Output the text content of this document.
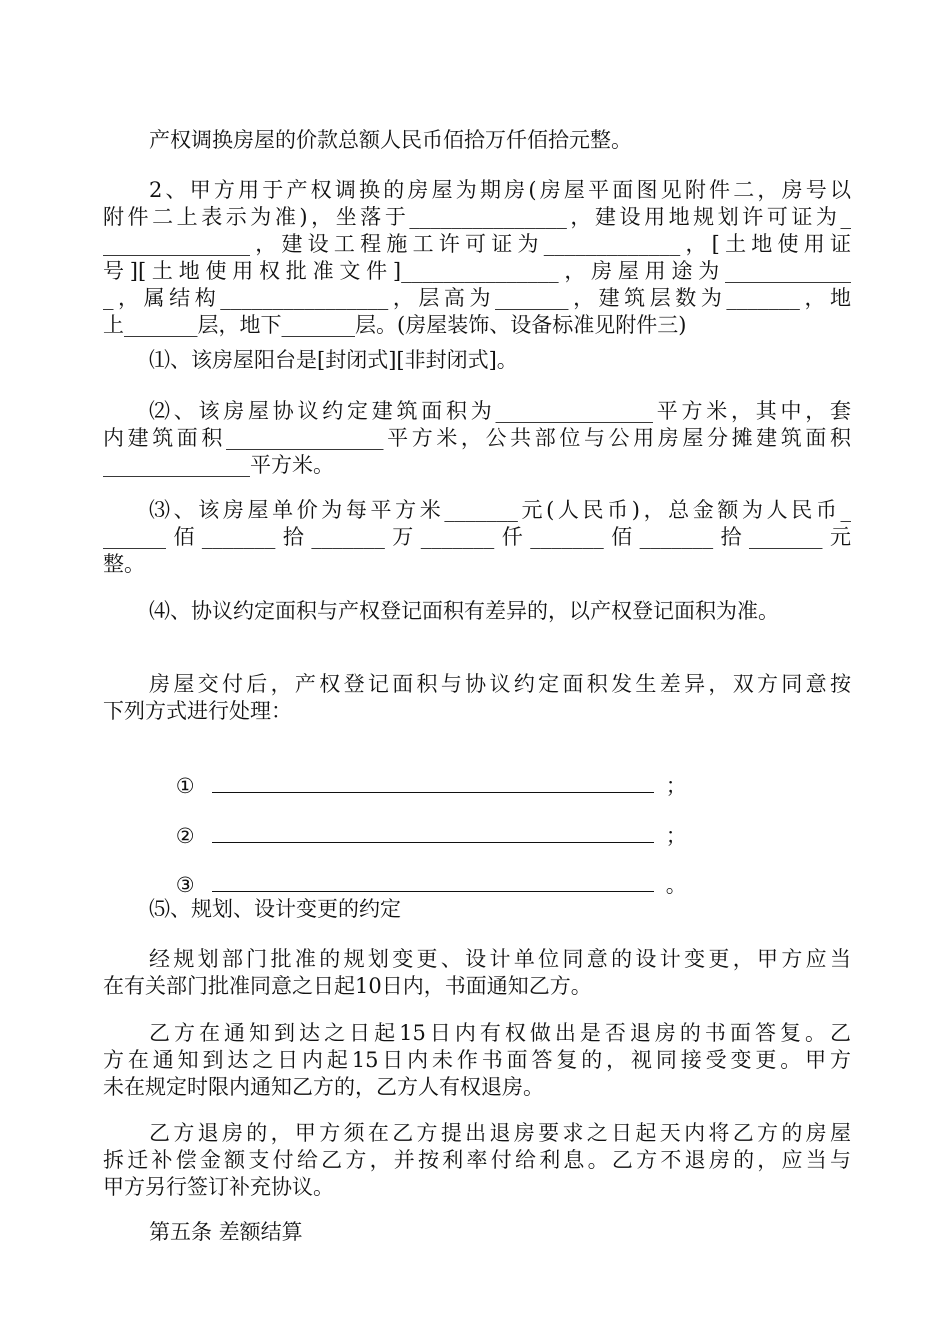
产权调换房屋的价款总额人民币佰拾万仟佰拾元整。
2、甲方用于产权调换的房屋为期房(房屋平面图见附件二，房号以
附件二上表示为准)，坐落于_______________，建设用地规划许可证为_
______________，建设工程施工许可证为_____________，[土地使用证
号][土地使用权批准文件]_______________，房屋用途为____________
_，属结构________________，层高为_______，建筑层数为_______，地
上_______层，地下_______层。(房屋装饰、设备标准见附件三)
⑴、该房屋阳台是[封闭式][非封闭式]。
⑵、该房屋协议约定建筑面积为_______________平方米，其中，套
内建筑面积_______________平方米，公共部位与公用房屋分摊建筑面积
______________平方米。
⑶、该房屋单价为每平方米_______元(人民币)，总金额为人民币_
______佰_______拾_______万_______仟_______佰_______拾_______元
整。
⑷、协议约定面积与产权登记面积有差异的，以产权登记面积为准。
房屋交付后，产权登记面积与协议约定面积发生差异，双方同意按
下列方式进行处理：

①	；

②	；

③	。

⑸、规划、设计变更的约定
经规划部门批准的规划变更、设计单位同意的设计变更，甲方应当
在有关部门批准同意之日起10日内，书面通知乙方。
乙方在通知到达之日起15日内有权做出是否退房的书面答复。乙
方在通知到达之日内起15日内未作书面答复的，视同接受变更。甲方
未在规定时限内通知乙方的，乙方人有权退房。
乙方退房的，甲方须在乙方提出退房要求之日起天内将乙方的房屋
拆迁补偿金额支付给乙方，并按利率付给利息。乙方不退房的，应当与
甲方另行签订补充协议。
第五条 差额结算
